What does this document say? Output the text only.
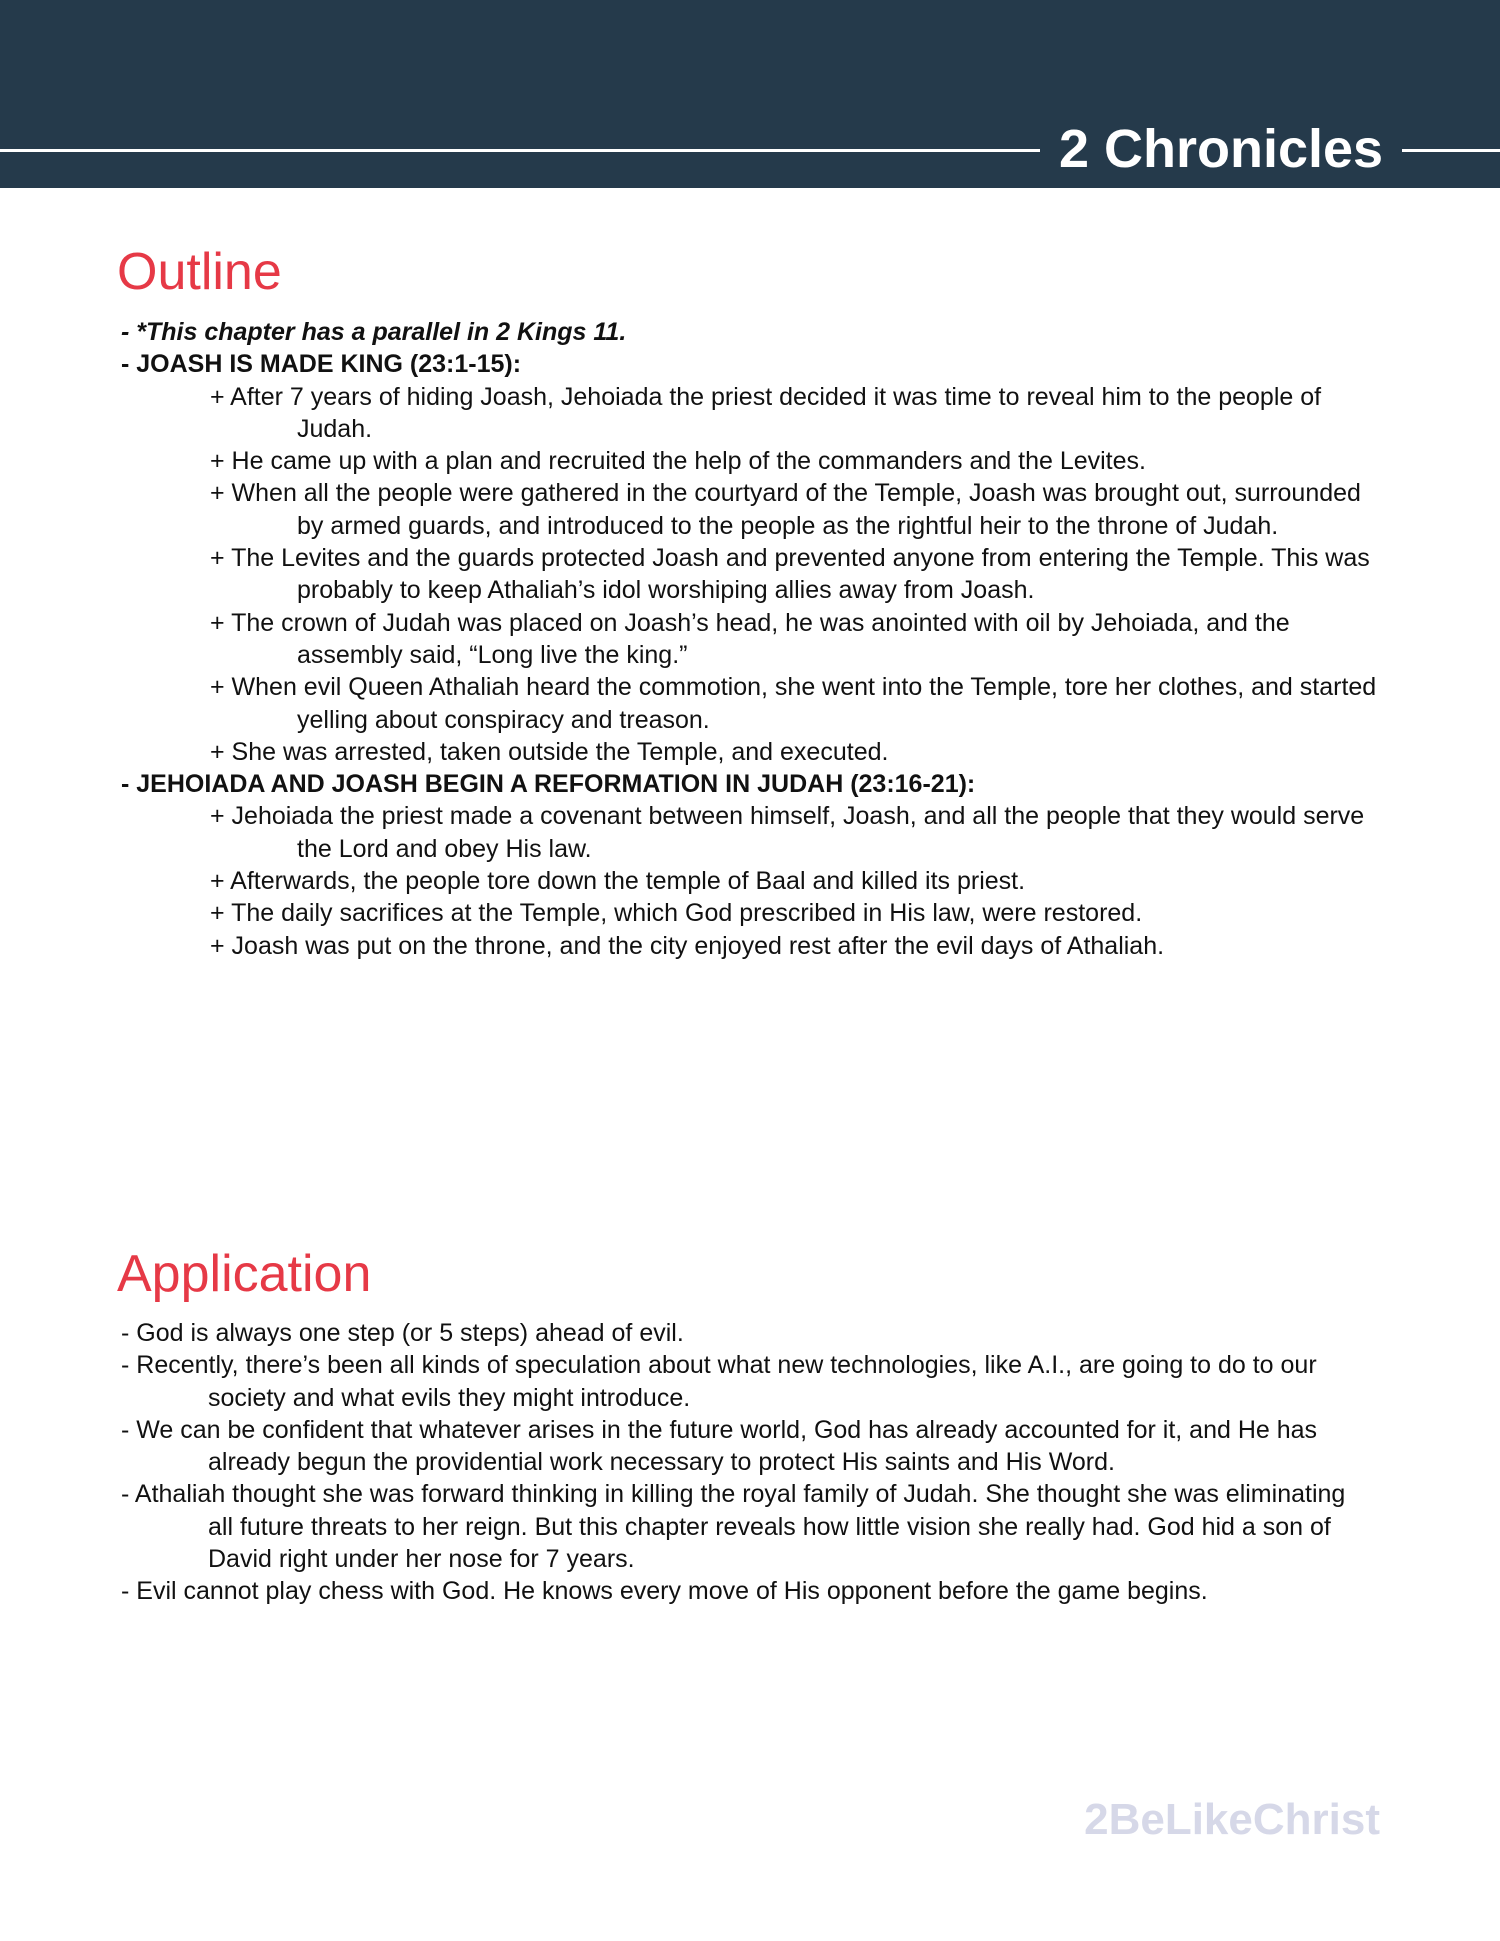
2 Chronicles
Outline
- *This chapter has a parallel in 2 Kings 11.
- JOASH IS MADE KING (23:1-15):
+ After 7 years of hiding Joash, Jehoiada the priest decided it was time to reveal him to the people of Judah.
+ He came up with a plan and recruited the help of the commanders and the Levites.
+ When all the people were gathered in the courtyard of the Temple, Joash was brought out, surrounded by armed guards, and introduced to the people as the rightful heir to the throne of Judah.
+ The Levites and the guards protected Joash and prevented anyone from entering the Temple. This was probably to keep Athaliah’s idol worshiping allies away from Joash.
+ The crown of Judah was placed on Joash’s head, he was anointed with oil by Jehoiada, and the assembly said, “Long live the king.”
+ When evil Queen Athaliah heard the commotion, she went into the Temple, tore her clothes, and started yelling about conspiracy and treason.
+ She was arrested, taken outside the Temple, and executed.
- JEHOIADA AND JOASH BEGIN A REFORMATION IN JUDAH (23:16-21):
+ Jehoiada the priest made a covenant between himself, Joash, and all the people that they would serve the Lord and obey His law.
+ Afterwards, the people tore down the temple of Baal and killed its priest.
+ The daily sacrifices at the Temple, which God prescribed in His law, were restored.
+ Joash was put on the throne, and the city enjoyed rest after the evil days of Athaliah.
Application
- God is always one step (or 5 steps) ahead of evil.
- Recently, there’s been all kinds of speculation about what new technologies, like A.I., are going to do to our society and what evils they might introduce.
- We can be confident that whatever arises in the future world, God has already accounted for it, and He has already begun the providential work necessary to protect His saints and His Word.
- Athaliah thought she was forward thinking in killing the royal family of Judah. She thought she was eliminating all future threats to her reign. But this chapter reveals how little vision she really had. God hid a son of David right under her nose for 7 years.
- Evil cannot play chess with God. He knows every move of His opponent before the game begins.
2BeLikeChrist
